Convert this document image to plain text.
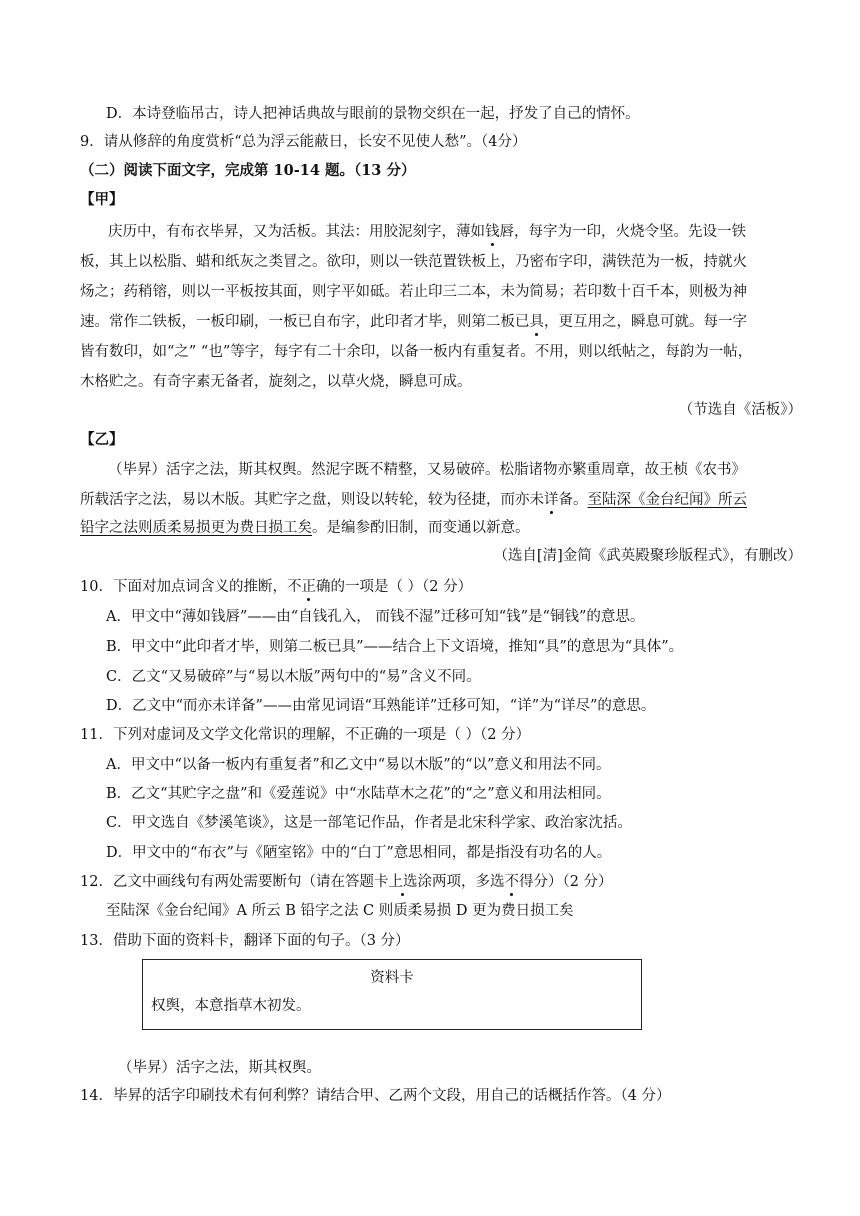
D．本诗登临吊古，诗人把神话典故与眼前的景物交织在一起，抒发了自己的情怀。
9．请从修辞的角度赏析“总为浮云能蔽日，长安不见使人愁”。（4分）
（二）阅读下面文字，完成第 10-14 题。（13 分）
【甲】
庆历中，有布衣毕昇，又为活板。其法：用胶泥刻字，薄如钱唇，每字为一印，火烧令坚。先设一铁
板，其上以松脂、蜡和纸灰之类冒之。欲印，则以一铁范置铁板上，乃密布字印，满铁范为一板，持就火
炀之；药稍镕，则以一平板按其面，则字平如砥。若止印三二本，未为简易；若印数十百千本，则极为神
速。常作二铁板，一板印刷，一板已自布字，此印者才毕，则第二板已具，更互用之，瞬息可就。每一字
皆有数印，如“之” “也”等字，每字有二十余印，以备一板内有重复者。不用，则以纸帖之，每韵为一帖，
木格贮之。有奇字素无备者，旋刻之，以草火烧，瞬息可成。
（节选自《活板》）
【乙】
（毕昇）活字之法，斯其权舆。然泥字既不精整，又易破碎。松脂诸物亦繁重周章，故王桢《农书》
所载活字之法，易以木版。其贮字之盘，则设以转轮，较为径捷，而亦未详备。至陆深《金台纪闻》所云
铅字之法则质柔易损更为费日损工矣。是编参酌旧制，而变通以新意。
（选自[清]金简《武英殿聚珍版程式》，有删改）
10．下面对加点词含义的推断，不正确的一项是（ ）（2 分）
A．甲文中“薄如钱唇”——由“自钱孔入， 而钱不湿”迁移可知“钱”是“铜钱”的意思。
B．甲文中“此印者才毕，则第二板已具”——结合上下文语境，推知“具”的意思为“具体”。
C．乙文“又易破碎”与“易以木版”两句中的“易”含义不同。
D．乙文中“而亦未详备”——由常见词语“耳熟能详”迁移可知，“详”为“详尽”的意思。
11．下列对虚词及文学文化常识的理解，不正确的一项是（ ）（2 分）
A．甲文中“以备一板内有重复者”和乙文中“易以木版”的“以”意义和用法不同。
B．乙文“其贮字之盘”和《爱莲说》中“水陆草木之花”的“之”意义和用法相同。
C．甲文选自《梦溪笔谈》，这是一部笔记作品，作者是北宋科学家、政治家沈括。
D．甲文中的“布衣”与《陋室铭》中的“白丁”意思相同，都是指没有功名的人。
12．乙文中画线句有两处需要断句（请在答题卡上选涂两项，多选不得分）（2 分）
至陆深《金台纪闻》A 所云 B 铅字之法 C 则质柔易损 D 更为费日损工矣
13．借助下面的资料卡，翻译下面的句子。（3 分）
资料卡
权舆，本意指草木初发。
（毕昇）活字之法，斯其权舆。
14．毕昇的活字印刷技术有何利弊？请结合甲、乙两个文段，用自己的话概括作答。（4 分）
